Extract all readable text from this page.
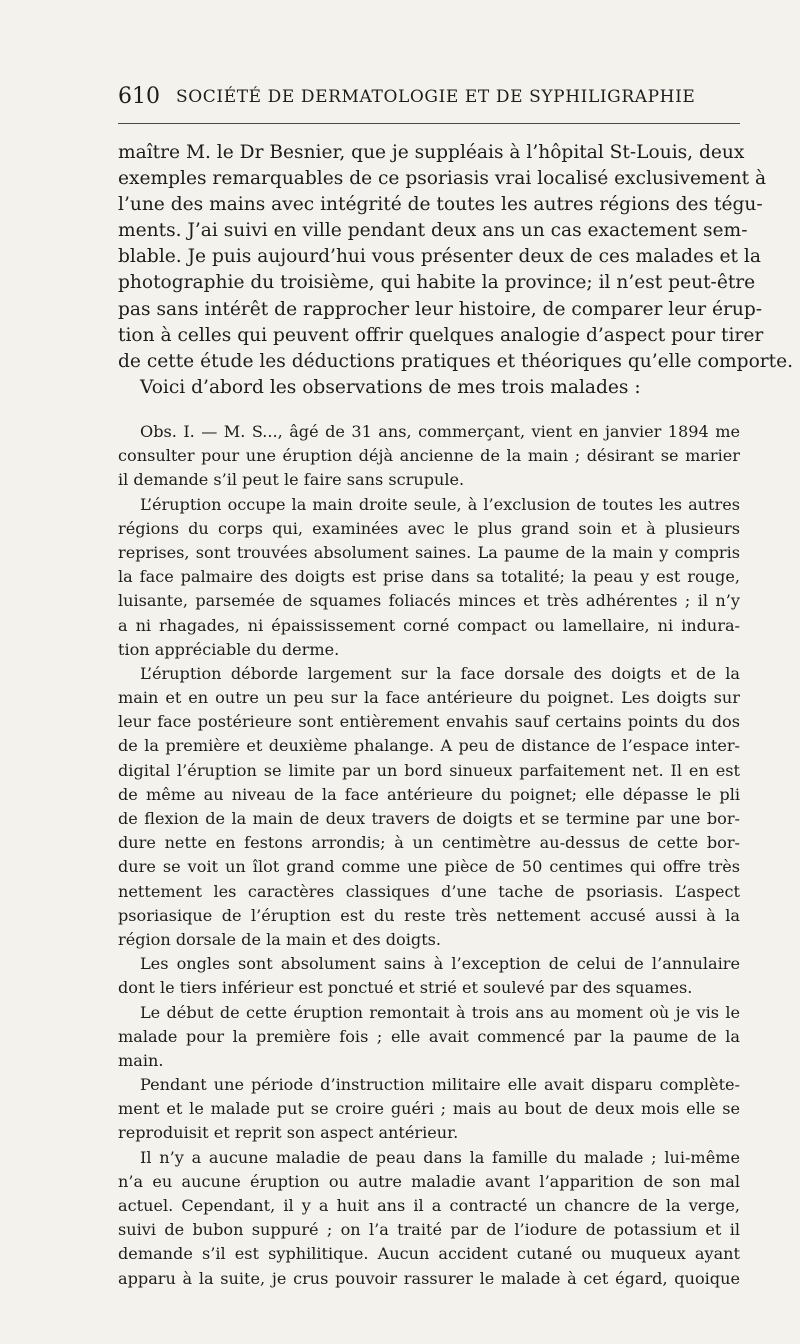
610 SOCIÉTÉ DE DERMATOLOGIE ET DE SYPHILIGRAPHIE
maître M. le Dr Besnier, que je suppléais à l’hôpital St-Louis, deux
exemples remarquables de ce psoriasis vrai localisé exclusivement à
l’une des mains avec intégrité de toutes les autres régions des tégu-
ments. J’ai suivi en ville pendant deux ans un cas exactement sem-
blable. Je puis aujourd’hui vous présenter deux de ces malades et la
photographie du troisième, qui habite la province; il n’est peut-être
pas sans intérêt de rapprocher leur histoire, de comparer leur érup-
tion à celles qui peuvent offrir quelques analogie d’aspect pour tirer
de cette étude les déductions pratiques et théoriques qu’elle comporte.
Voici d’abord les observations de mes trois malades :
Obs. I. — M. S..., âgé de 31 ans, commerçant, vient en janvier 1894 me
consulter pour une éruption déjà ancienne de la main ; désirant se marier
il demande s’il peut le faire sans scrupule.
L’éruption occupe la main droite seule, à l’exclusion de toutes les autres
régions du corps qui, examinées avec le plus grand soin et à plusieurs
reprises, sont trouvées absolument saines. La paume de la main y compris
la face palmaire des doigts est prise dans sa totalité; la peau y est rouge,
luisante, parsemée de squames foliacés minces et très adhérentes ; il n’y
a ni rhagades, ni épaississement corné compact ou lamellaire, ni indura-
tion appréciable du derme.
L’éruption déborde largement sur la face dorsale des doigts et de la
main et en outre un peu sur la face antérieure du poignet. Les doigts sur
leur face postérieure sont entièrement envahis sauf certains points du dos
de la première et deuxième phalange. A peu de distance de l’espace inter-
digital l’éruption se limite par un bord sinueux parfaitement net. Il en est
de même au niveau de la face antérieure du poignet; elle dépasse le pli
de flexion de la main de deux travers de doigts et se termine par une bor-
dure nette en festons arrondis; à un centimètre au-dessus de cette bor-
dure se voit un îlot grand comme une pièce de 50 centimes qui offre très
nettement les caractères classiques d’une tache de psoriasis. L’aspect
psoriasique de l’éruption est du reste très nettement accusé aussi à la
région dorsale de la main et des doigts.
Les ongles sont absolument sains à l’exception de celui de l’annulaire
dont le tiers inférieur est ponctué et strié et soulevé par des squames.
Le début de cette éruption remontait à trois ans au moment où je vis le
malade pour la première fois ; elle avait commencé par la paume de la
main.
Pendant une période d’instruction militaire elle avait disparu complète-
ment et le malade put se croire guéri ; mais au bout de deux mois elle se
reproduisit et reprit son aspect antérieur.
Il n’y a aucune maladie de peau dans la famille du malade ; lui-même
n’a eu aucune éruption ou autre maladie avant l’apparition de son mal
actuel. Cependant, il y a huit ans il a contracté un chancre de la verge,
suivi de bubon suppuré ; on l’a traité par de l’iodure de potassium et il
demande s’il est syphilitique. Aucun accident cutané ou muqueux ayant
apparu à la suite, je crus pouvoir rassurer le malade à cet égard, quoique
